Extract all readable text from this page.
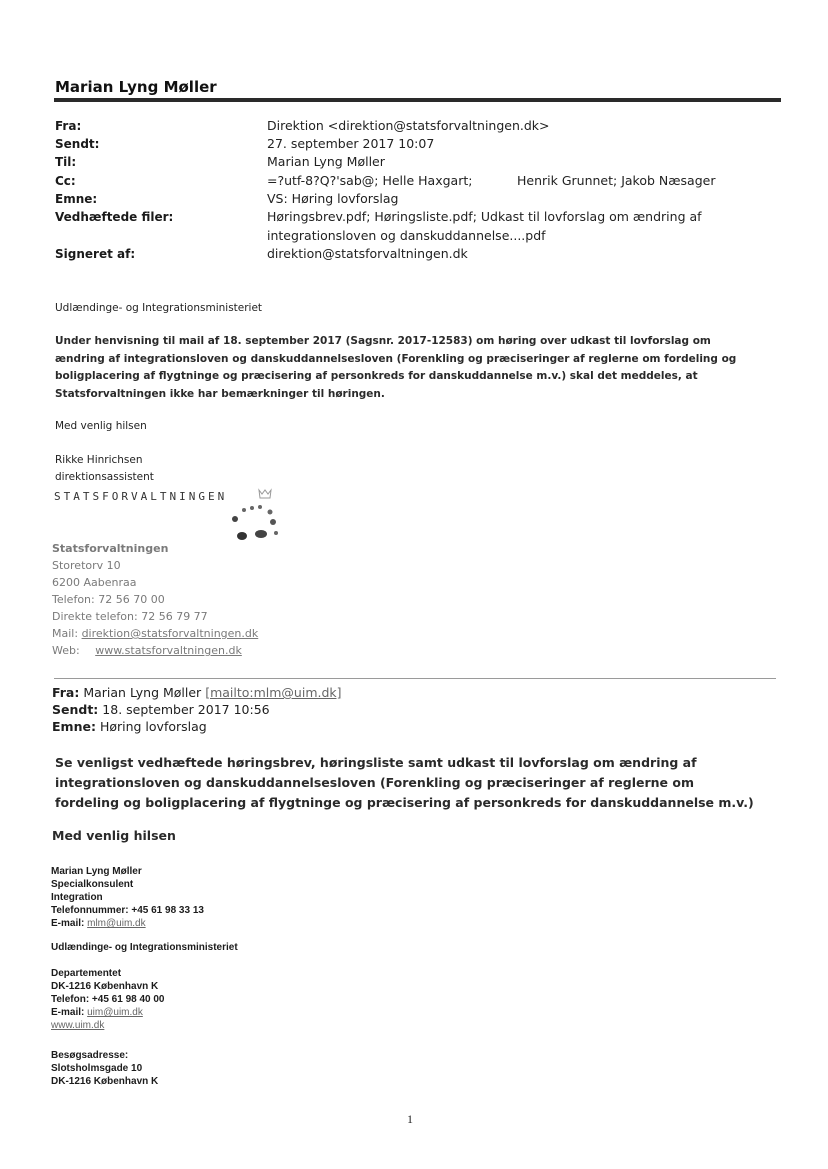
Marian Lyng Møller
Fra:	Direktion <direktion@statsforvaltningen.dk>
Sendt:	27. september 2017 10:07
Til:	Marian Lyng Møller
Cc:	=?utf-8?Q?'sab@; Helle Haxgart;	Henrik Grunnet; Jakob Næsager
Emne:	VS: Høring lovforslag
Vedhæftede filer:	Høringsbrev.pdf; Høringsliste.pdf; Udkast til lovforslag om ændring af
integrationsloven og danskuddannelse....pdf
Signeret af:	direktion@statsforvaltningen.dk
Udlændinge- og Integrationsministeriet
Under henvisning til mail af 18. september 2017 (Sagsnr. 2017-12583) om høring over udkast til lovforslag om ændring af integrationsloven og danskuddannelsesloven (Forenkling og præciseringer af reglerne om fordeling og boligplacering af flygtninge og præcisering af personkreds for danskuddannelse m.v.) skal det meddeles, at Statsforvaltningen ikke har bemærkninger til høringen.
Med venlig hilsen
Rikke Hinrichsen
direktionsassistent
STATSFORVALTNINGEN
Statsforvaltningen
Storetorv 10
6200 Aabenraa
Telefon: 72 56 70 00
Direkte telefon: 72 56 79 77
Mail: direktion@statsforvaltningen.dk
Web: www.statsforvaltningen.dk
Fra: Marian Lyng Møller [mailto:mlm@uim.dk]
Sendt: 18. september 2017 10:56
Emne: Høring lovforslag
Se venligst vedhæftede høringsbrev, høringsliste samt udkast til lovforslag om ændring af integrationsloven og danskuddannelsesloven (Forenkling og præciseringer af reglerne om fordeling og boligplacering af flygtninge og præcisering af personkreds for danskuddannelse m.v.)
Med venlig hilsen
Marian Lyng Møller
Specialkonsulent
Integration
Telefonnummer: +45 61 98 33 13
E-mail: mlm@uim.dk
Udlændinge- og Integrationsministeriet
Departementet
DK-1216 København K
Telefon: +45 61 98 40 00
E-mail: uim@uim.dk
www.uim.dk
Besøgsadresse:
Slotsholmsgade 10
DK-1216 København K
1
